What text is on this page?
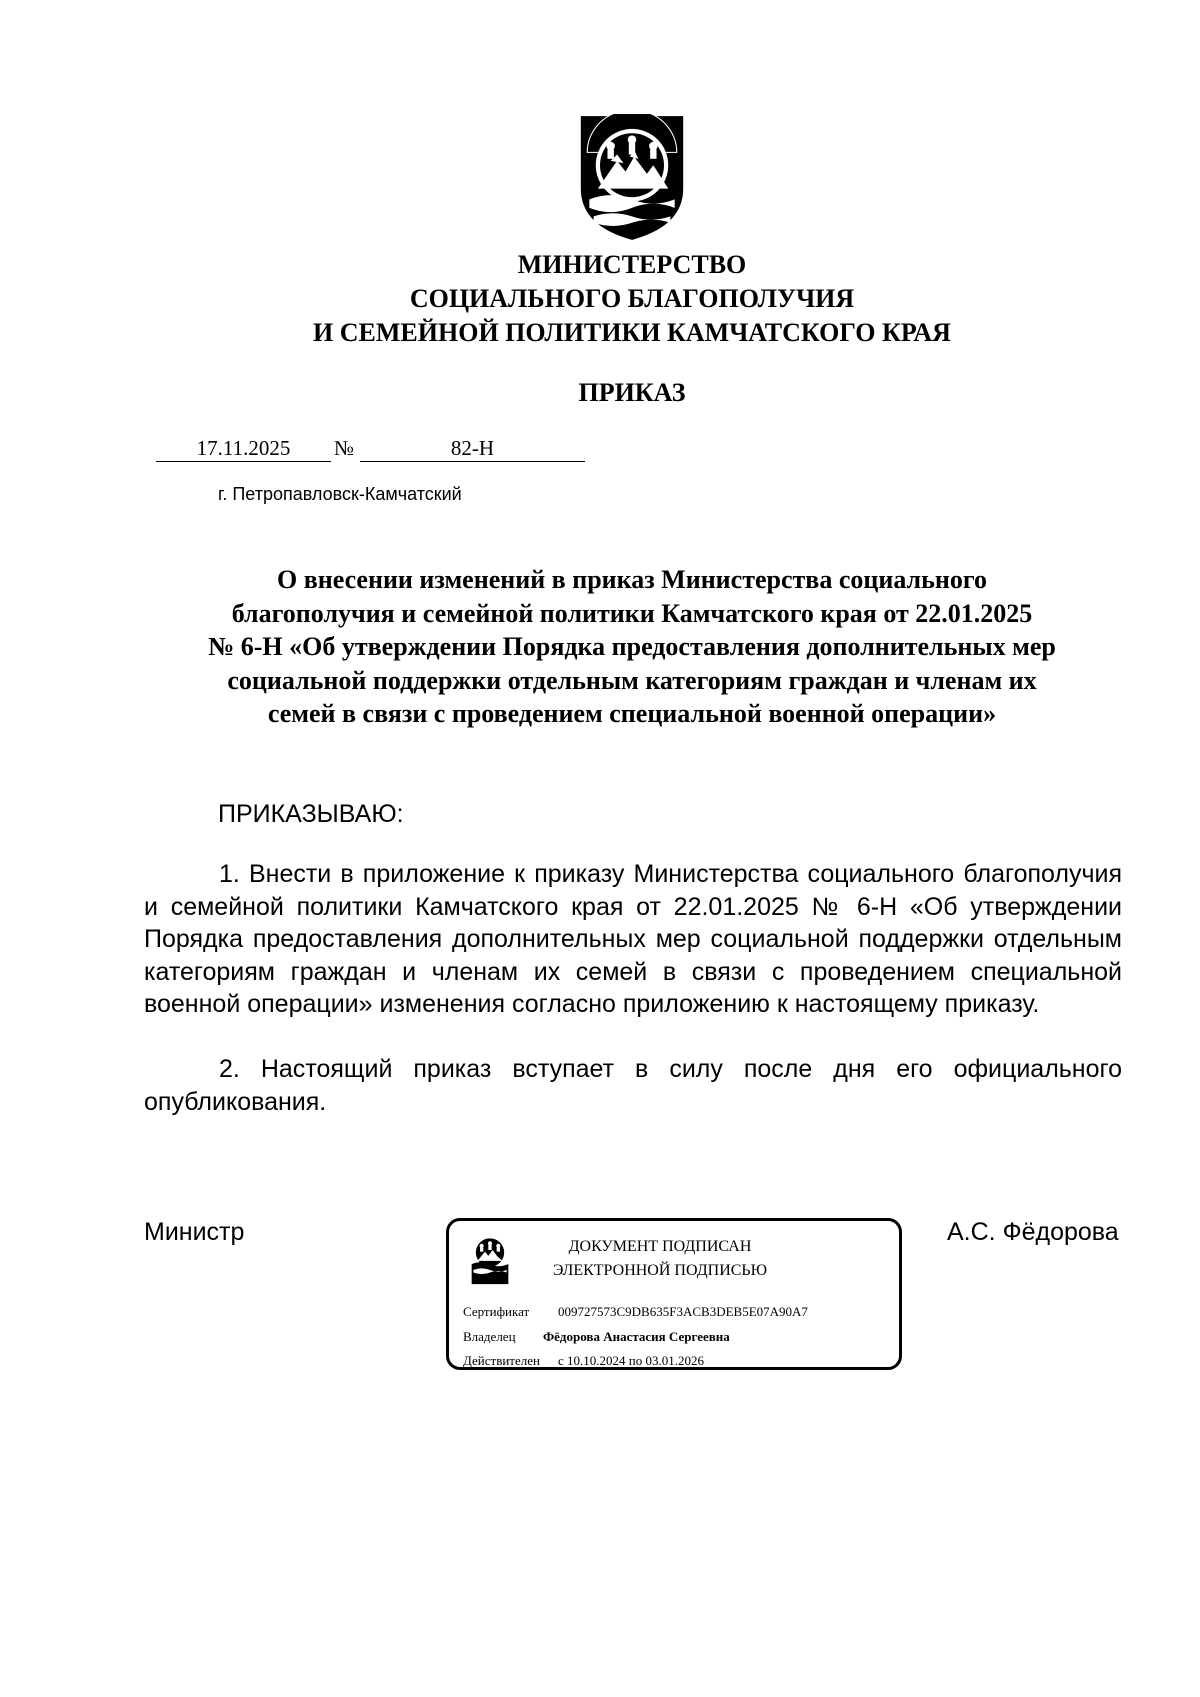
МИНИСТЕРСТВО
СОЦИАЛЬНОГО БЛАГОПОЛУЧИЯ
И СЕМЕЙНОЙ ПОЛИТИКИ КАМЧАТСКОГО КРАЯ
ПРИКАЗ
17.11.2025	№	82-Н
г. Петропавловск-Камчатский
О внесении изменений в приказ Министерства социального
благополучия и семейной политики Камчатского края от 22.01.2025
№ 6-Н «Об утверждении Порядка предоставления дополнительных мер
социальной поддержки отдельным категориям граждан и членам их
семей в связи с проведением специальной военной операции»
ПРИКАЗЫВАЮ:
1. Внести в приложение к приказу Министерства социального благополучия и семейной политики Камчатского края от 22.01.2025 № 6-Н «Об утверждении Порядка предоставления дополнительных мер социальной поддержки отдельным категориям граждан и членам их семей в связи с проведением специальной военной операции» изменения согласно приложению к настоящему приказу.
2. Настоящий приказ вступает в силу после дня его официального опубликования.
Министр	А.С. Фёдорова
ДОКУМЕНТ ПОДПИСАН
ЭЛЕКТРОННОЙ ПОДПИСЬЮ
Сертификат 009727573C9DB635F3ACB3DEB5E07A90A7
Владелец Фёдорова Анастасия Сергеевна
Действителен с 10.10.2024 по 03.01.2026
